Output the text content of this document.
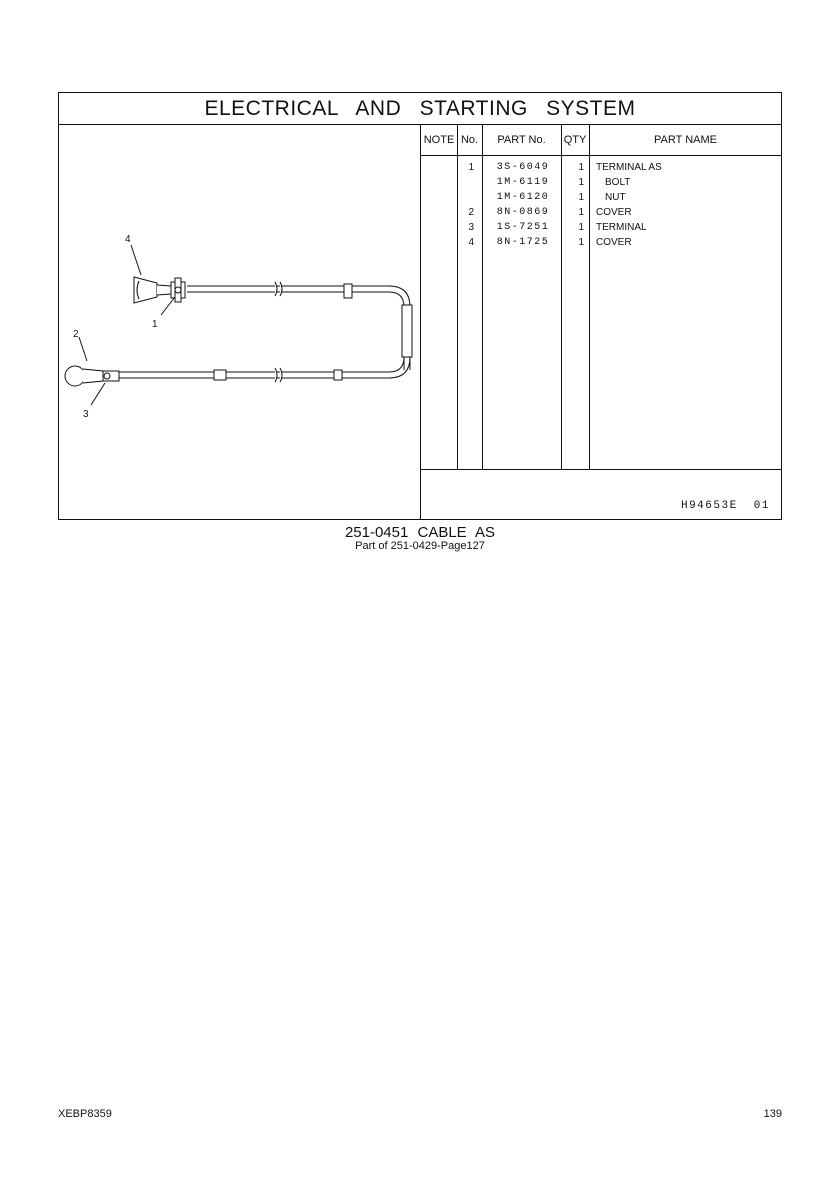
ELECTRICAL AND STARTING SYSTEM
4
1
2
3
NOTE No.	PART No.	QTY	PART NAME
1	3S-6049	1 TERMINAL AS
1M-6119	1 BOLT
1M-6120	1 NUT
2	8N-0869	1 COVER
3	1S-7251	1 TERMINAL
4	8N-1725	1 COVER
H94653E 01
251-0451 CABLE AS
Part of 251-0429-Page127
XEBP8359	139
